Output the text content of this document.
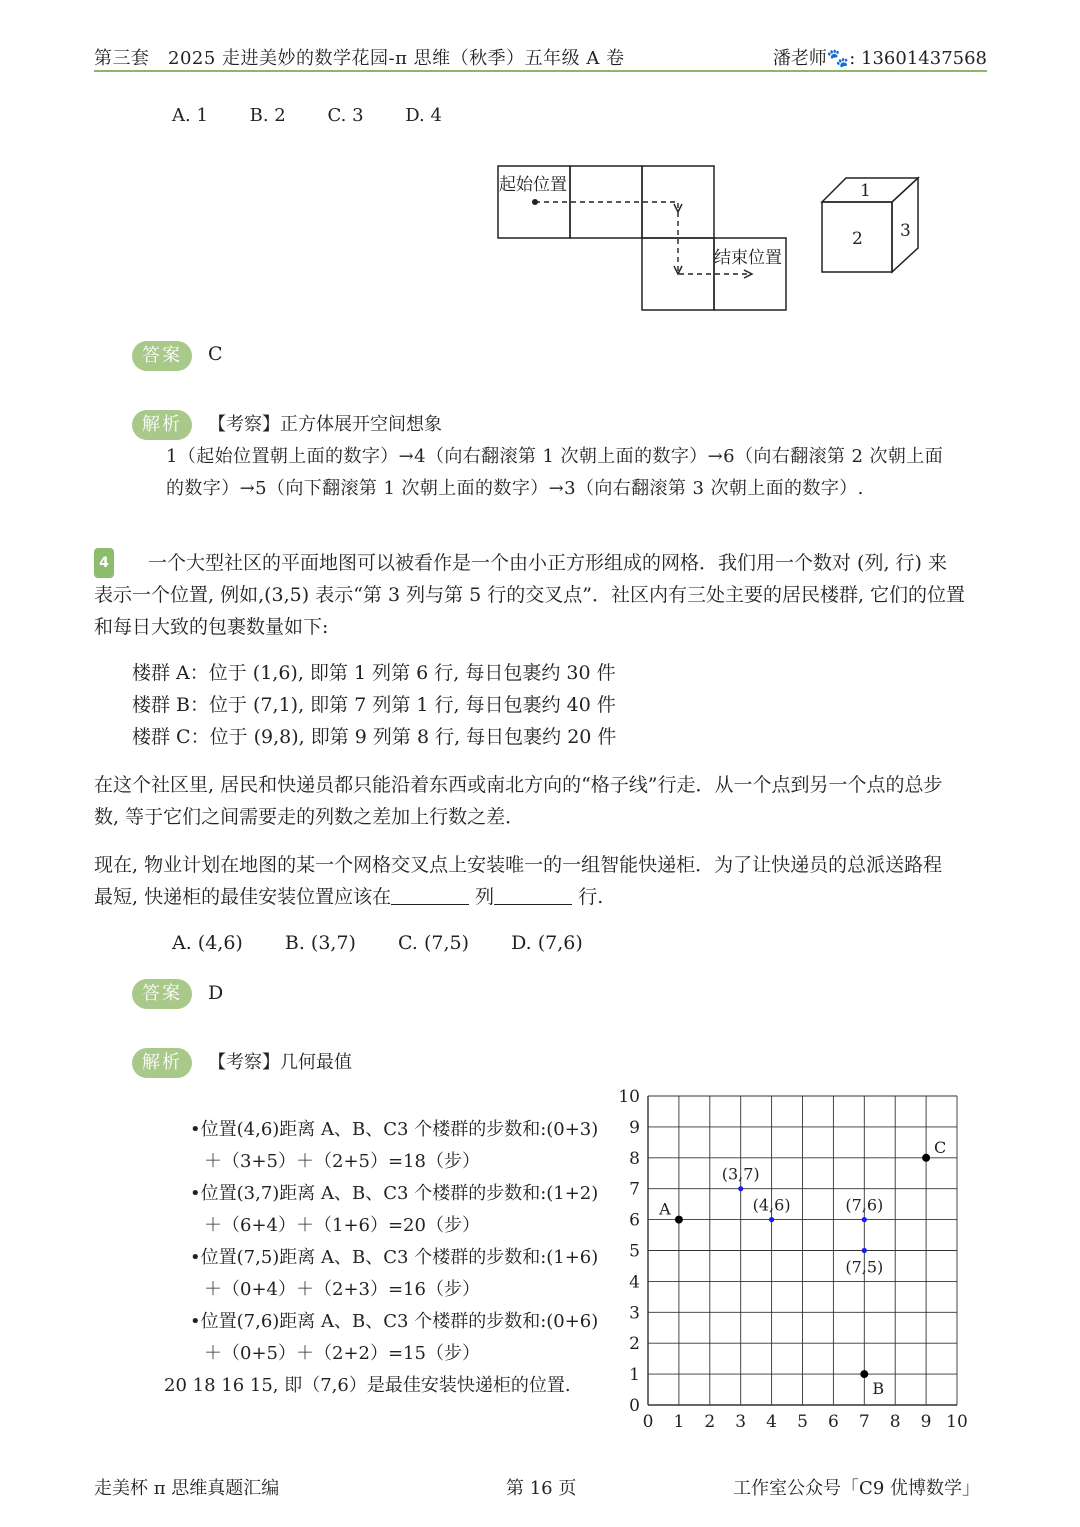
第三套　2025 走进美妙的数学花园-π 思维（秋季）五年级 A 卷	潘老师🐾: 13601437568
A. 1 B. 2 C. 3 D. 4
起始位置
结束位置
1
2 3
答案	C
解析	【考察】正方体展开空间想象
1（起始位置朝上面的数字）→4（向右翻滚第 1 次朝上面的数字）→6（向右翻滚第 2 次朝上面
的数字）→5（向下翻滚第 1 次朝上面的数字）→3（向右翻滚第 3 次朝上面的数字）.
4 一个大型社区的平面地图可以被看作是一个由小正方形组成的网格．我们用一个数对 (列, 行) 来
表示一个位置, 例如,(3,5) 表示“第 3 列与第 5 行的交叉点”．社区内有三处主要的居民楼群, 它们的位置
和每日大致的包裹数量如下:
楼群 A：位于 (1,6), 即第 1 列第 6 行, 每日包裹约 30 件
楼群 B：位于 (7,1), 即第 7 列第 1 行, 每日包裹约 40 件
楼群 C：位于 (9,8), 即第 9 列第 8 行, 每日包裹约 20 件
在这个社区里, 居民和快递员都只能沿着东西或南北方向的“格子线”行走．从一个点到另一个点的总步
数, 等于它们之间需要走的列数之差加上行数之差．
现在, 物业计划在地图的某一个网格交叉点上安装唯一的一组智能快递柜．为了让快递员的总派送路程
最短, 快递柜的最佳安装位置应该在	列	行.
A. (4,6) B. (3,7) C. (7,5) D. (7,6)
答案	D
解析	【考察】几何最值
•位置(4,6)距离 A、B、C3 个楼群的步数和:(0+3)
＋（3+5）＋（2+5）=18（步）
•位置(3,7)距离 A、B、C3 个楼群的步数和:(1+2)
＋（6+4）＋（1+6）=20（步）
•位置(7,5)距离 A、B、C3 个楼群的步数和:(1+6)
＋（0+4）＋（2+3）=16（步）
•位置(7,6)距离 A、B、C3 个楼群的步数和:(0+6)
＋（0+5）＋（2+2）=15（步）
20 18 16 15, 即（7,6）是最佳安装快递柜的位置.
0 1 2 3 4 5 6 7 8 9 10
0
1
2
3
4
5
6
7
8
9
10
A
B
C
(3,7)
(4,6)	(7,6)
(7,5)
走美杯 π 思维真题汇编	第 16 页	工作室公众号「C9 优博数学」
